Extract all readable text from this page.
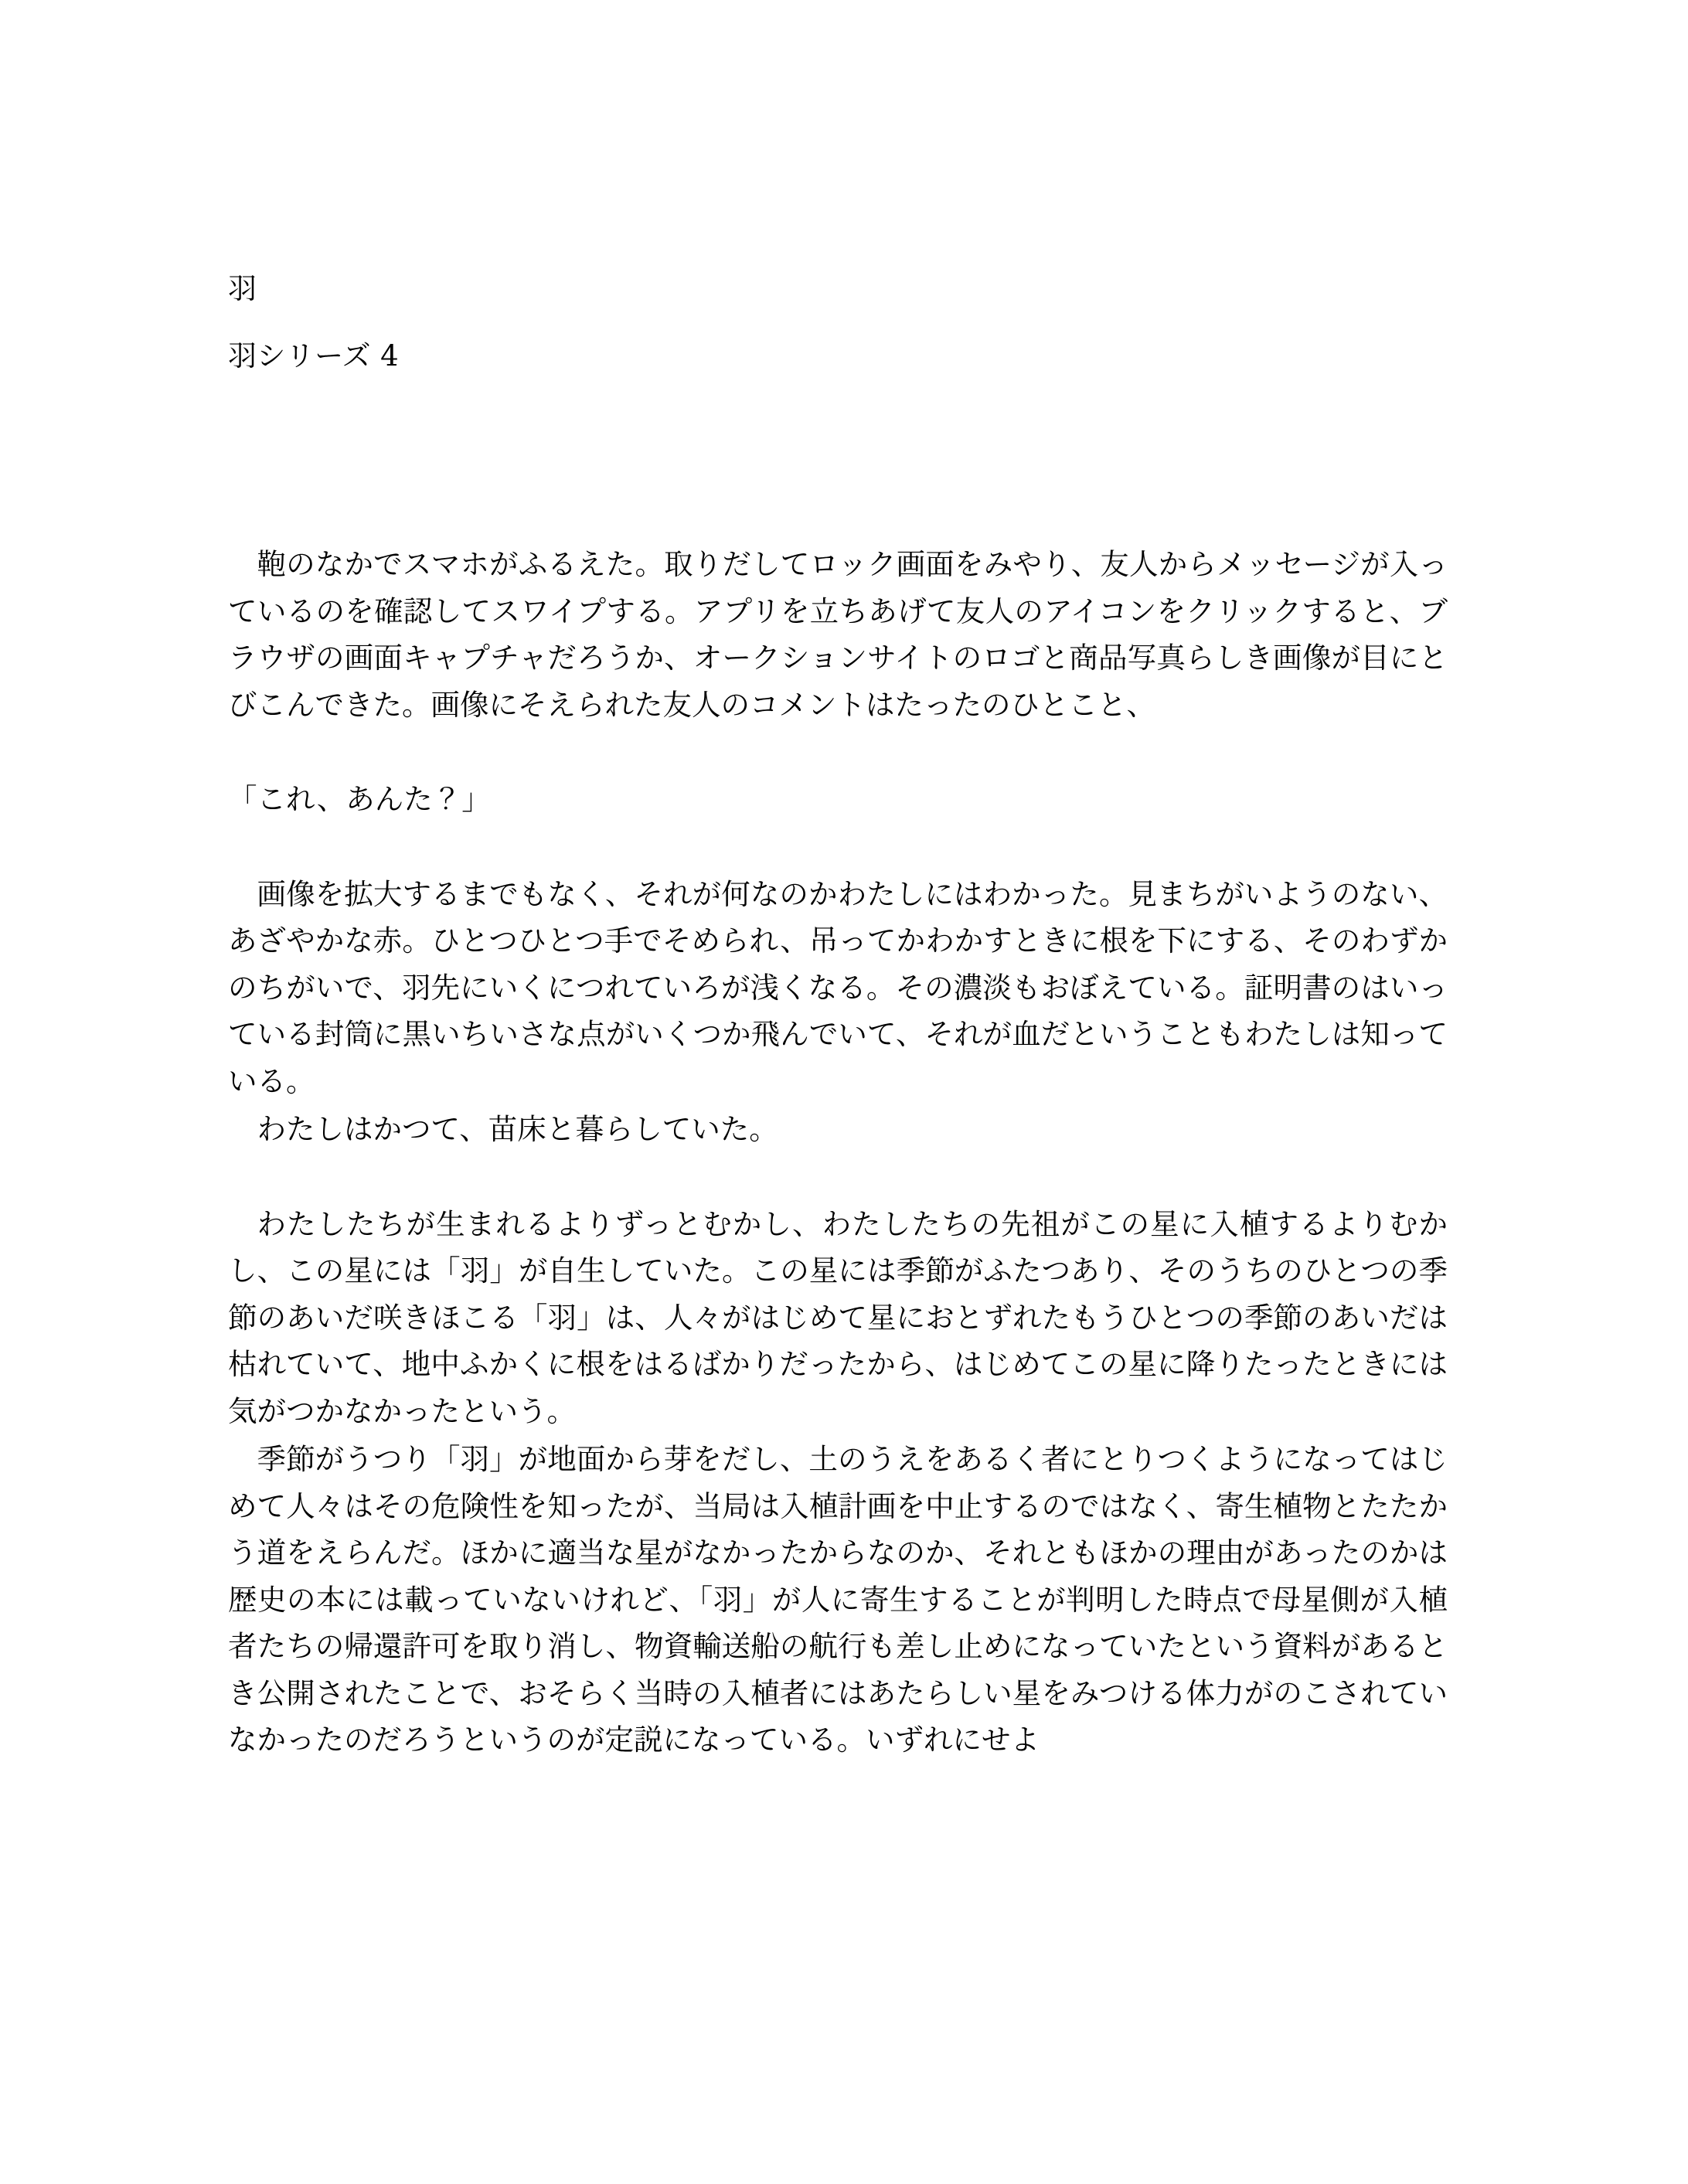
羽
羽シリーズ 4

鞄のなかでスマホがふるえた。取りだしてロック画面をみやり、友人からメッセージが入っているのを確認してスワイプする。アプリを立ちあげて友人のアイコンをクリックすると、ブラウザの画面キャプチャだろうか、オークションサイトのロゴと商品写真らしき画像が目にとびこんできた。画像にそえられた友人のコメントはたったのひとこと、

「これ、あんた？」

画像を拡大するまでもなく、それが何なのかわたしにはわかった。見まちがいようのない、あざやかな赤。ひとつひとつ手でそめられ、吊ってかわかすときに根を下にする、そのわずかのちがいで、羽先にいくにつれていろが浅くなる。その濃淡もおぼえている。証明書のはいっている封筒に黒いちいさな点がいくつか飛んでいて、それが血だということもわたしは知っている。

わたしはかつて、苗床と暮らしていた。

わたしたちが生まれるよりずっとむかし、わたしたちの先祖がこの星に入植するよりむかし、この星には「羽」が自生していた。この星には季節がふたつあり、そのうちのひとつの季節のあいだ咲きほこる「羽」は、人々がはじめて星におとずれたもうひとつの季節のあいだは枯れていて、地中ふかくに根をはるばかりだったから、はじめてこの星に降りたったときには気がつかなかったという。

季節がうつり「羽」が地面から芽をだし、土のうえをあるく者にとりつくようになってはじめて人々はその危険性を知ったが、当局は入植計画を中止するのではなく、寄生植物とたたかう道をえらんだ。ほかに適当な星がなかったからなのか、それともほかの理由があったのかは歴史の本には載っていないけれど、「羽」が人に寄生することが判明した時点で母星側が入植者たちの帰還許可を取り消し、物資輸送船の航行も差し止めになっていたという資料があるとき公開されたことで、おそらく当時の入植者にはあたらしい星をみつける体力がのこされていなかったのだろうというのが定説になっている。いずれにせよ
